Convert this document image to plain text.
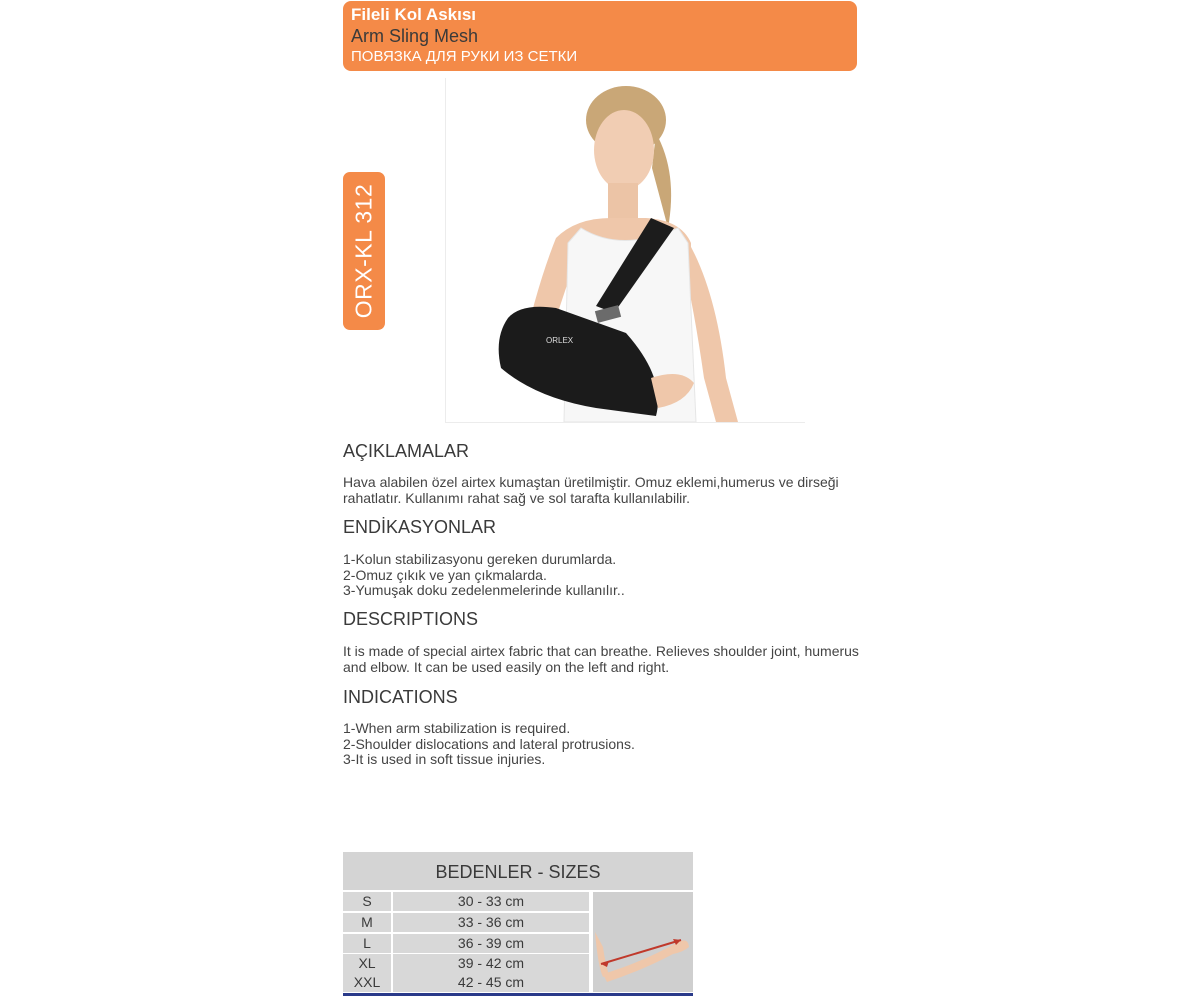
Fileli Kol Askısı
Arm Sling Mesh
ПОВЯЗКА ДЛЯ РУКИ ИЗ СЕТКИ
ORX-KL 312
ORLEX
AÇIKLAMALAR

Hava alabilen özel airtex kumaştan üretilmiştir. Omuz eklemi,humerus ve dirseği
rahatlatır. Kullanımı rahat sağ ve sol tarafta kullanılabilir.

ENDİKASYONLAR

1-Kolun stabilizasyonu gereken durumlarda.
2-Omuz çıkık ve yan çıkmalarda.
3-Yumuşak doku zedelenmelerinde kullanılır..

DESCRIPTIONS

It is made of special airtex fabric that can breathe. Relieves shoulder joint, humerus
and elbow. It can be used easily on the left and right.

INDICATIONS

1-When arm stabilization is required.
2-Shoulder dislocations and lateral protrusions.
3-It is used in soft tissue injuries.

BEDENLER - SIZES
S	30 - 33 cm
M	33 - 36 cm
L	36 - 39 cm
XL	39 - 42 cm
XXL	42 - 45 cm
